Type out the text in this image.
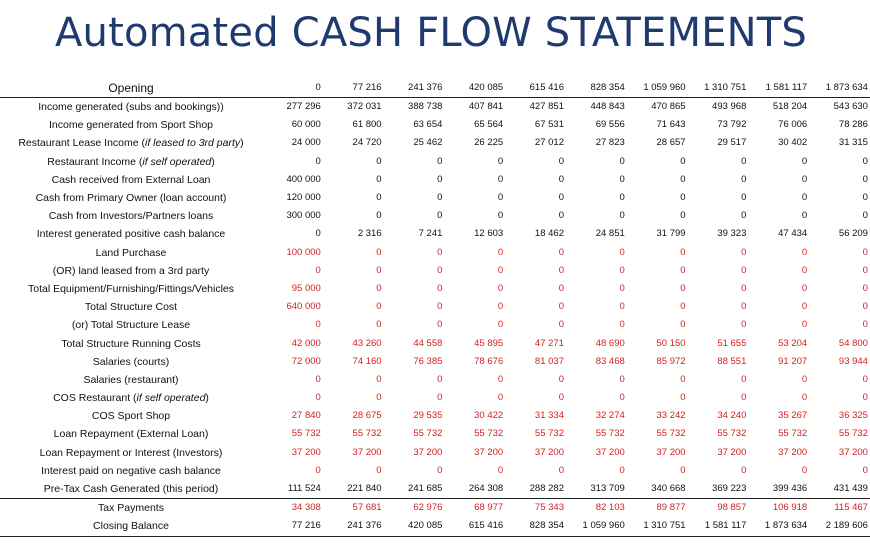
Automated CASH FLOW STATEMENTS
Opening	0	77 216	241 376	420 085	615 416	828 354	1 059 960	1 310 751	1 581 117	1 873 634
Income generated (subs and bookings))	277 296	372 031	388 738	407 841	427 851	448 843	470 865	493 968	518 204	543 630
Income generated from Sport Shop	60 000	61 800	63 654	65 564	67 531	69 556	71 643	73 792	76 006	78 286
Restaurant Lease Income (if leased to 3rd party)	24 000	24 720	25 462	26 225	27 012	27 823	28 657	29 517	30 402	31 315
Restaurant Income (if self operated)	0	0	0	0	0	0	0	0	0	0
Cash received from External Loan	400 000	0	0	0	0	0	0	0	0	0
Cash from Primary Owner (loan account)	120 000	0	0	0	0	0	0	0	0	0
Cash from Investors/Partners loans	300 000	0	0	0	0	0	0	0	0	0
Interest generated positive cash balance	0	2 316	7 241	12 603	18 462	24 851	31 799	39 323	47 434	56 209
Land Purchase	100 000	0	0	0	0	0	0	0	0	0
(OR) land leased from a 3rd party	0	0	0	0	0	0	0	0	0	0
Total Equipment/Furnishing/Fittings/Vehicles	95 000	0	0	0	0	0	0	0	0	0
Total Structure Cost	640 000	0	0	0	0	0	0	0	0	0
(or) Total Structure Lease	0	0	0	0	0	0	0	0	0	0
Total Structure Running Costs	42 000	43 260	44 558	45 895	47 271	48 690	50 150	51 655	53 204	54 800
Salaries (courts)	72 000	74 160	76 385	78 676	81 037	83 468	85 972	88 551	91 207	93 944
Salaries (restaurant)	0	0	0	0	0	0	0	0	0	0
COS Restaurant (if self operated)	0	0	0	0	0	0	0	0	0	0
COS Sport Shop	27 840	28 675	29 535	30 422	31 334	32 274	33 242	34 240	35 267	36 325
Loan Repayment (External Loan)	55 732	55 732	55 732	55 732	55 732	55 732	55 732	55 732	55 732	55 732
Loan Repayment or Interest (Investors)	37 200	37 200	37 200	37 200	37 200	37 200	37 200	37 200	37 200	37 200
Interest paid on negative cash balance	0	0	0	0	0	0	0	0	0	0
Pre-Tax Cash Generated (this period)	111 524	221 840	241 685	264 308	288 282	313 709	340 668	369 223	399 436	431 439
Tax Payments	34 308	57 681	62 976	68 977	75 343	82 103	89 877	98 857	106 918	115 467
Closing Balance	77 216	241 376	420 085	615 416	828 354	1 059 960	1 310 751	1 581 117	1 873 634	2 189 606
